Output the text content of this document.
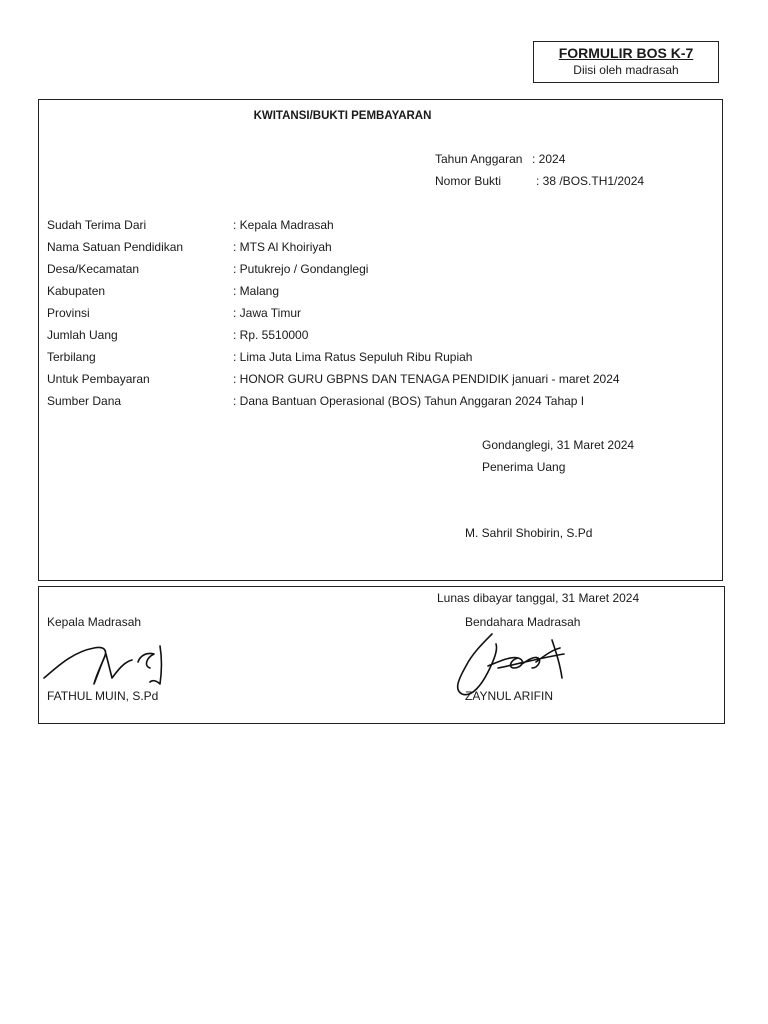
FORMULIR BOS K-7
Diisi oleh madrasah
KWITANSI/BUKTI PEMBAYARAN
Tahun Anggaran : 2024
Nomor Bukti	: 38 /BOS.TH1/2024
Sudah Terima Dari	: Kepala Madrasah
Nama Satuan Pendidikan	: MTS Al Khoiriyah
Desa/Kecamatan	: Putukrejo / Gondanglegi
Kabupaten	: Malang
Provinsi	: Jawa Timur
Jumlah Uang	: Rp. 5510000
Terbilang	: Lima Juta Lima Ratus Sepuluh Ribu Rupiah
Untuk Pembayaran	: HONOR GURU GBPNS DAN TENAGA PENDIDIK januari - maret 2024
Sumber Dana	: Dana Bantuan Operasional (BOS) Tahun Anggaran 2024 Tahap I
Gondanglegi, 31 Maret 2024
Penerima Uang
M. Sahril Shobirin, S.Pd
Lunas dibayar tanggal, 31 Maret 2024
Kepala Madrasah	Bendahara Madrasah
FATHUL MUIN, S.Pd	ZAYNUL ARIFIN
